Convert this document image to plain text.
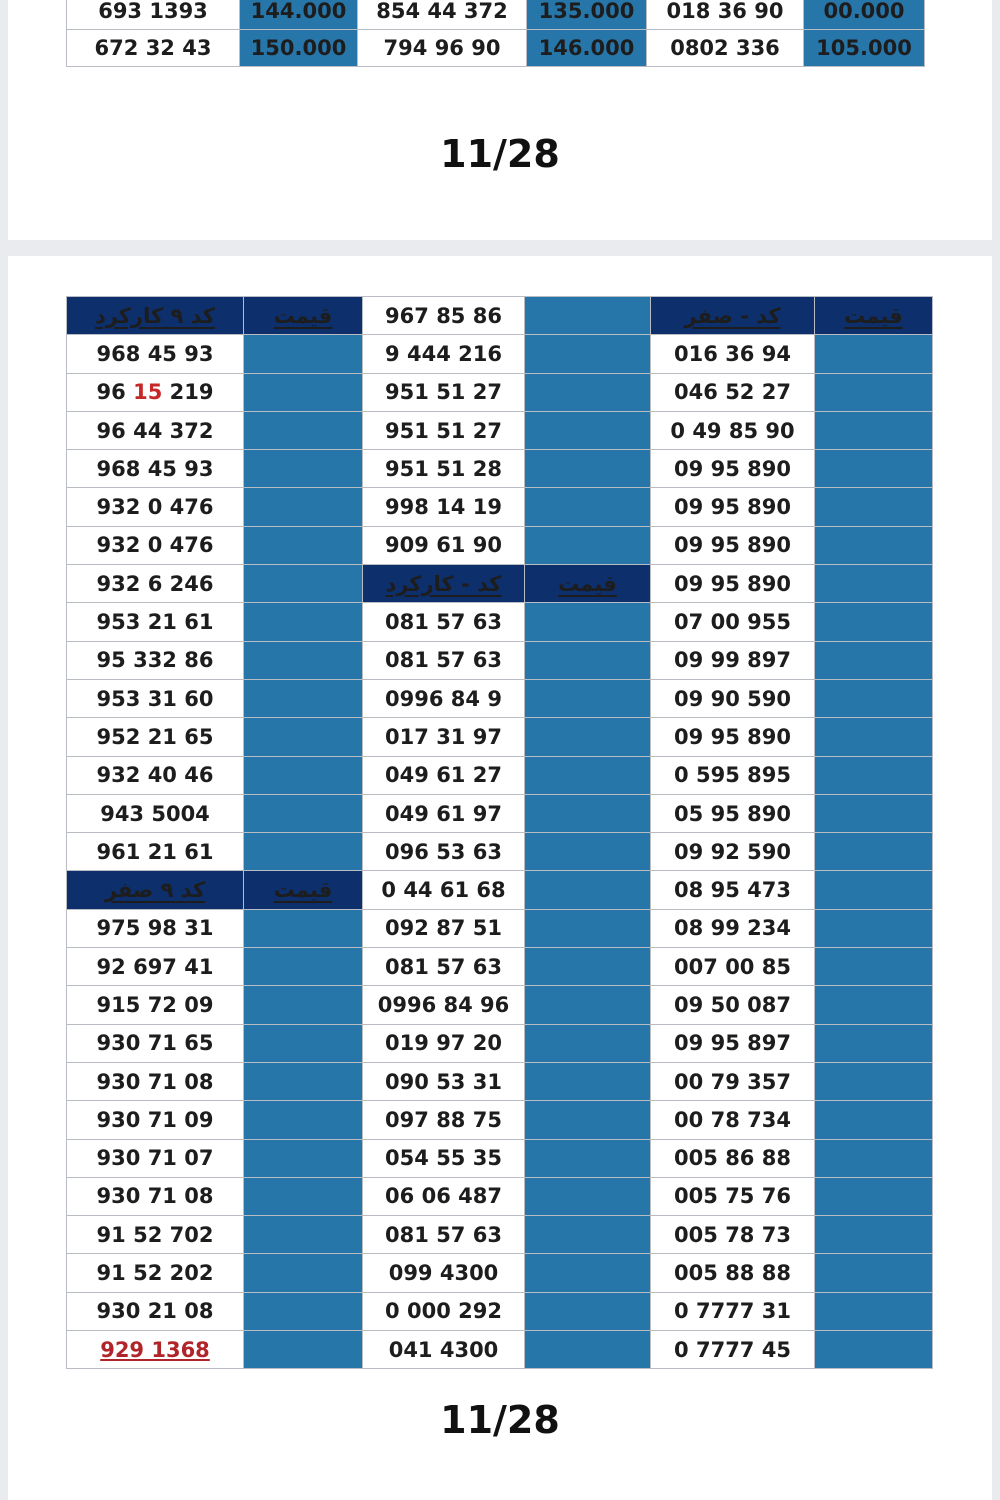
693 1393	144.000	854 44 372	135.000	018 36 90	00.000
672 32 43	150.000	794 96 90	146.000	0802 336	105.000
11/28
کد ۹ کارکرد	قیمت	967 85 86		کد - صفر	قیمت
968 45 93		9 444 216		016 36 94	
96 15 219		951 51 27		046 52 27	
96 44 372		951 51 27		0 49 85 90	
968 45 93		951 51 28		09 95 890	
932 0 476		998 14 19		09 95 890	
932 0 476		909 61 90		09 95 890	
932 6 246		کد - کارکرد	قیمت	09 95 890	
953 21 61		081 57 63		07 00 955	
95 332 86		081 57 63		09 99 897	
953 31 60		0996 84 9		09 90 590	
952 21 65		017 31 97		09 95 890	
932 40 46		049 61 27		0 595 895	
943 5004		049 61 97		05 95 890	
961 21 61		096 53 63		09 92 590	
کد ۹ صفر	قیمت	0 44 61 68		08 95 473	
975 98 31		092 87 51		08 99 234	
92 697 41		081 57 63		007 00 85	
915 72 09		0996 84 96		09 50 087	
930 71 65		019 97 20		09 95 897	
930 71 08		090 53 31		00 79 357	
930 71 09		097 88 75		00 78 734	
930 71 07		054 55 35		005 86 88	
930 71 08		06 06 487		005 75 76	
91 52 702		081 57 63		005 78 73	
91 52 202		099 4300		005 88 88	
930 21 08		0 000 292		0 7777 31	
929 1368		041 4300		0 7777 45	
11/28
